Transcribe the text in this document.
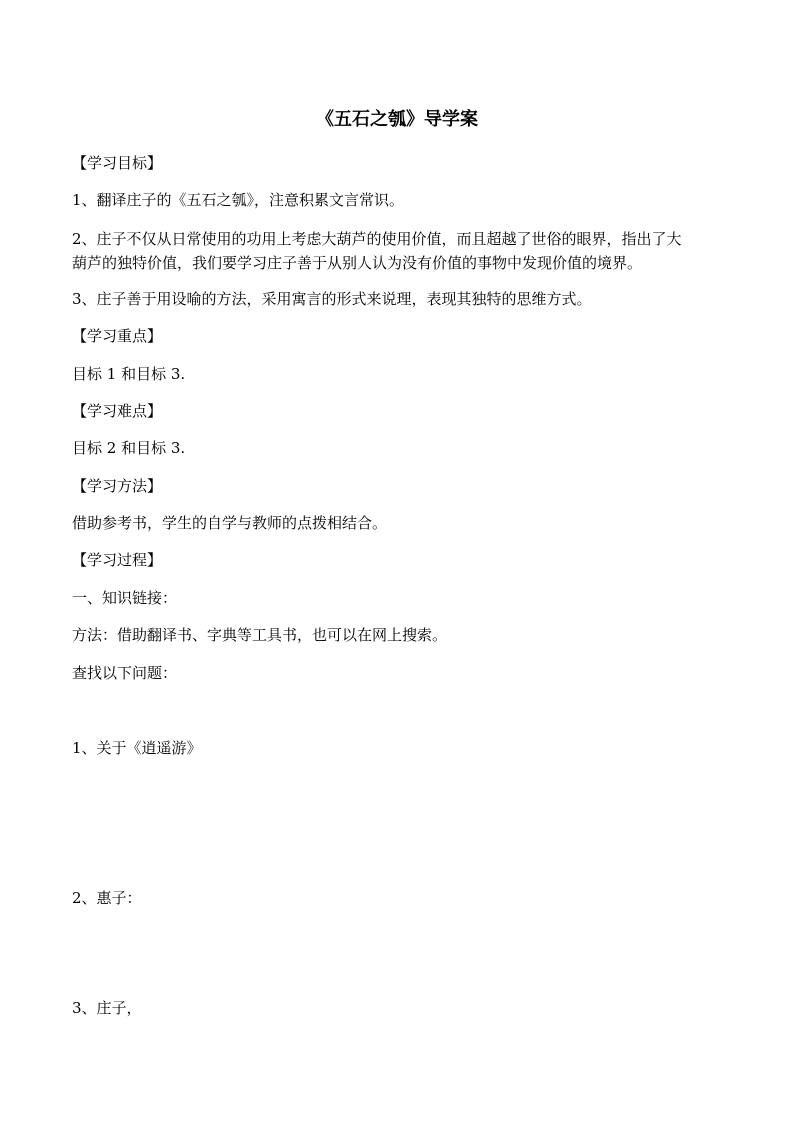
《五石之瓠》导学案
【学习目标】
1、翻译庄子的《五石之瓠》，注意积累文言常识。
2、庄子不仅从日常使用的功用上考虑大葫芦的使用价值，而且超越了世俗的眼界，指出了大
葫芦的独特价值，我们要学习庄子善于从别人认为没有价值的事物中发现价值的境界。
3、庄子善于用设喻的方法，采用寓言的形式来说理，表现其独特的思维方式。
【学习重点】
目标 1 和目标 3.
【学习难点】
目标 2 和目标 3.
【学习方法】
借助参考书，学生的自学与教师的点拨相结合。
【学习过程】
一、知识链接：
方法：借助翻译书、字典等工具书，也可以在网上搜索。
查找以下问题：
1、关于《逍遥游》
2、惠子：
3、庄子，
